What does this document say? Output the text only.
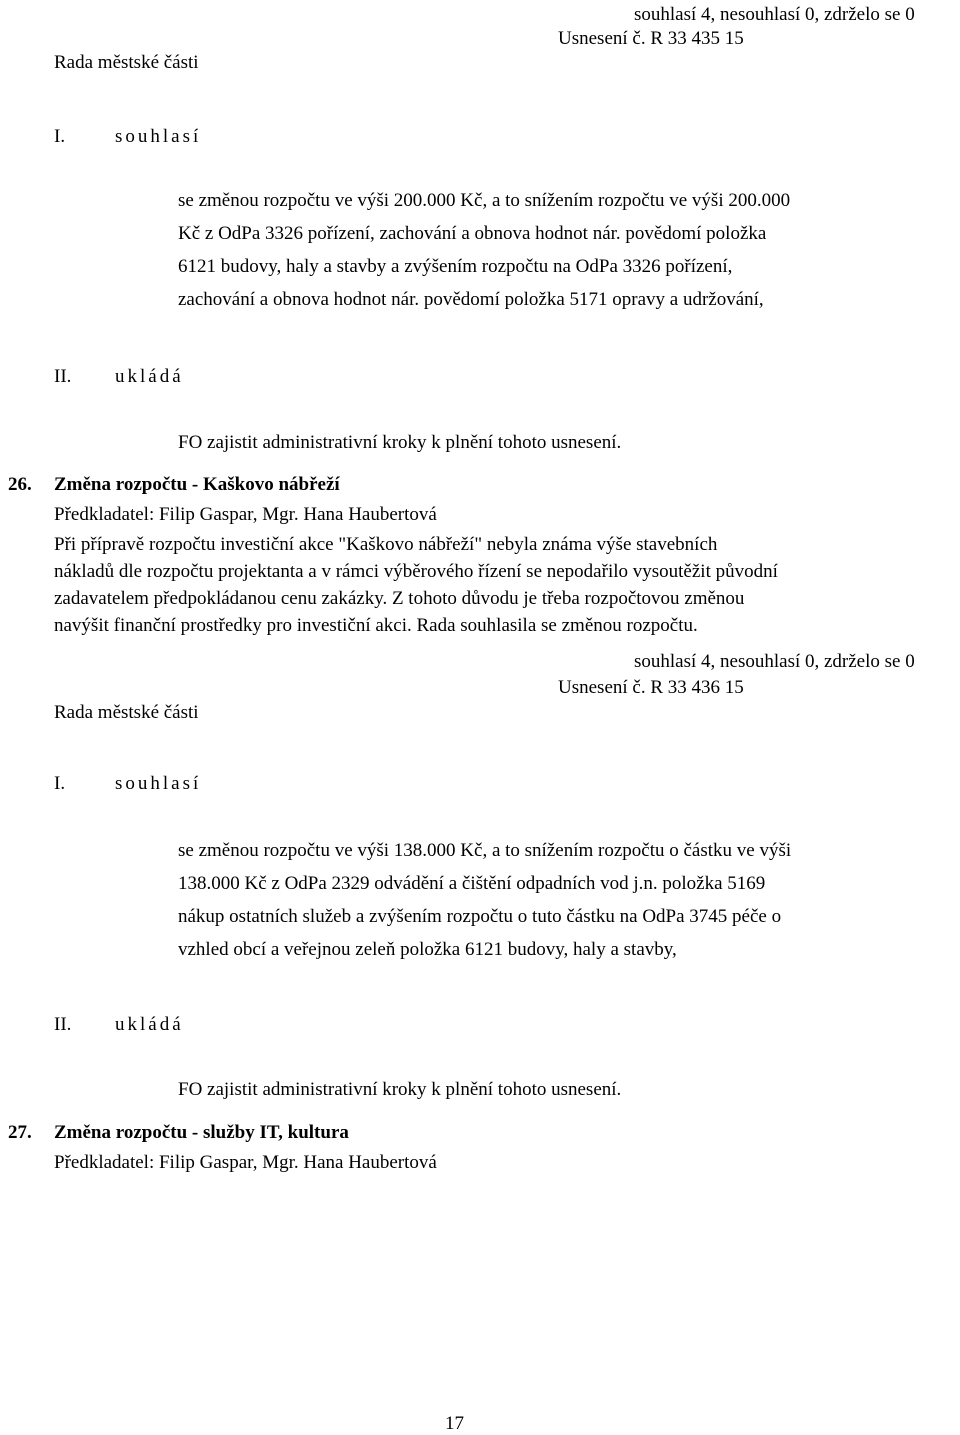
souhlasí 4, nesouhlasí 0, zdrželo se 0
Usnesení č. R 33 435 15
Rada městské části
I.	souhlasí
se změnou rozpočtu ve výši 200.000 Kč, a to snížením rozpočtu ve výši 200.000
Kč z OdPa 3326 pořízení, zachování a obnova hodnot nár. povědomí položka
6121 budovy, haly a stavby a zvýšením rozpočtu na OdPa 3326 pořízení,
zachování a obnova hodnot nár. povědomí položka 5171 opravy a udržování,
II. ukládá
FO zajistit administrativní kroky k plnění tohoto usnesení.
26. Změna rozpočtu - Kaškovo nábřeží
Předkladatel: Filip Gaspar, Mgr. Hana Haubertová
Při přípravě rozpočtu investiční akce "Kaškovo nábřeží" nebyla známa výše stavebních
nákladů dle rozpočtu projektanta a v rámci výběrového řízení se nepodařilo vysoutěžit původní
zadavatelem předpokládanou cenu zakázky. Z tohoto důvodu je třeba rozpočtovou změnou
navýšit finanční prostředky pro investiční akci. Rada souhlasila se změnou rozpočtu.
souhlasí 4, nesouhlasí 0, zdrželo se 0
Usnesení č. R 33 436 15
Rada městské části
I.	souhlasí
se změnou rozpočtu ve výši 138.000 Kč, a to snížením rozpočtu o částku ve výši
138.000 Kč z OdPa 2329 odvádění a čištění odpadních vod j.n. položka 5169
nákup ostatních služeb a zvýšením rozpočtu o tuto částku na OdPa 3745 péče o
vzhled obcí a veřejnou zeleň položka 6121 budovy, haly a stavby,
II. ukládá
FO zajistit administrativní kroky k plnění tohoto usnesení.
27. Změna rozpočtu - služby IT, kultura
Předkladatel: Filip Gaspar, Mgr. Hana Haubertová
17
